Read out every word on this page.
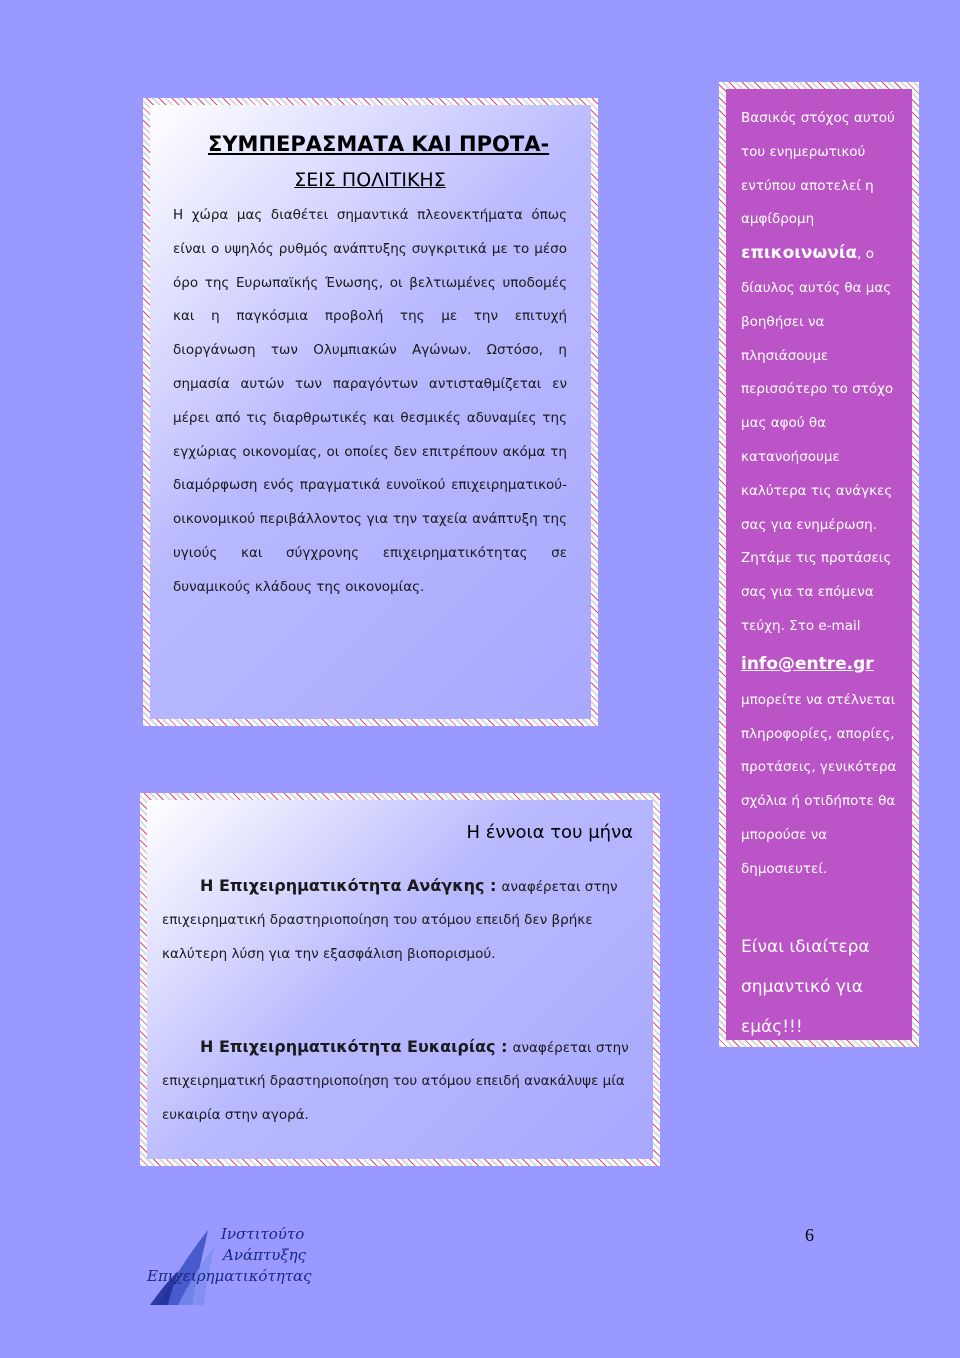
ΣΥΜΠΕΡΑΣΜΑΤΑ ΚΑΙ ΠΡΟΤΑ-
ΣΕΙΣ ΠΟΛΙΤΙΚΗΣ
Η χώρα μας διαθέτει σημαντικά πλεονεκτήματα όπως είναι ο υψηλός ρυθμός ανάπτυξης συγκριτικά με το μέσο όρο της Ευρωπαϊκής Ένωσης, οι βελτιωμένες υποδομές και η παγκόσμια προβολή της με την επιτυχή διοργάνωση των Ολυμπιακών Αγώνων. Ωστόσο, η σημασία αυτών των παραγόντων αντισταθμίζεται εν μέρει από τις διαρθρωτικές και θεσμικές αδυναμίες της εγχώριας οικονομίας, οι οποίες δεν επιτρέπουν ακόμα τη διαμόρφωση ενός πραγματικά ευνοϊκού επιχειρηματικού-οικονομικού περιβάλλοντος για την ταχεία ανάπτυξη της υγιούς και σύγχρονης επιχειρηματικότητας σε δυναμικούς κλάδους της οικονομίας.
Η έννοια του μήνα
Η Επιχειρηματικότητα Ανάγκης : αναφέρεται στην
επιχειρηματική δραστηριοποίηση του ατόμου επειδή δεν βρήκε καλύτερη λύση για την εξασφάλιση βιοπορισμού.
Η Επιχειρηματικότητα Ευκαιρίας : αναφέρεται στην
επιχειρηματική δραστηριοποίηση του ατόμου επειδή ανακάλυψε μία ευκαιρία στην αγορά.
Βασικός στόχος αυτού του ενημερωτικού εντύπου αποτελεί η αμφίδρομη επικοινωνία, ο δίαυλος αυτός θα μας βοηθήσει να πλησιάσουμε περισσότερο το στόχο μας αφού θα κατανοήσουμε καλύτερα τις ανάγκες σας για ενημέρωση. Ζητάμε τις προτάσεις σας για τα επόμενα τεύχη. Στο e-mail
info@entre.gr
μπορείτε να στέλνεται πληροφορίες, απορίες, προτάσεις, γενικότερα σχόλια ή οτιδήποτε θα μπορούσε να δημοσιευτεί.
Είναι ιδιαίτερα σημαντικό για εμάς!!!
Ινστιτούτο
Ανάπτυξης
Επιχειρηματικότητας
6
